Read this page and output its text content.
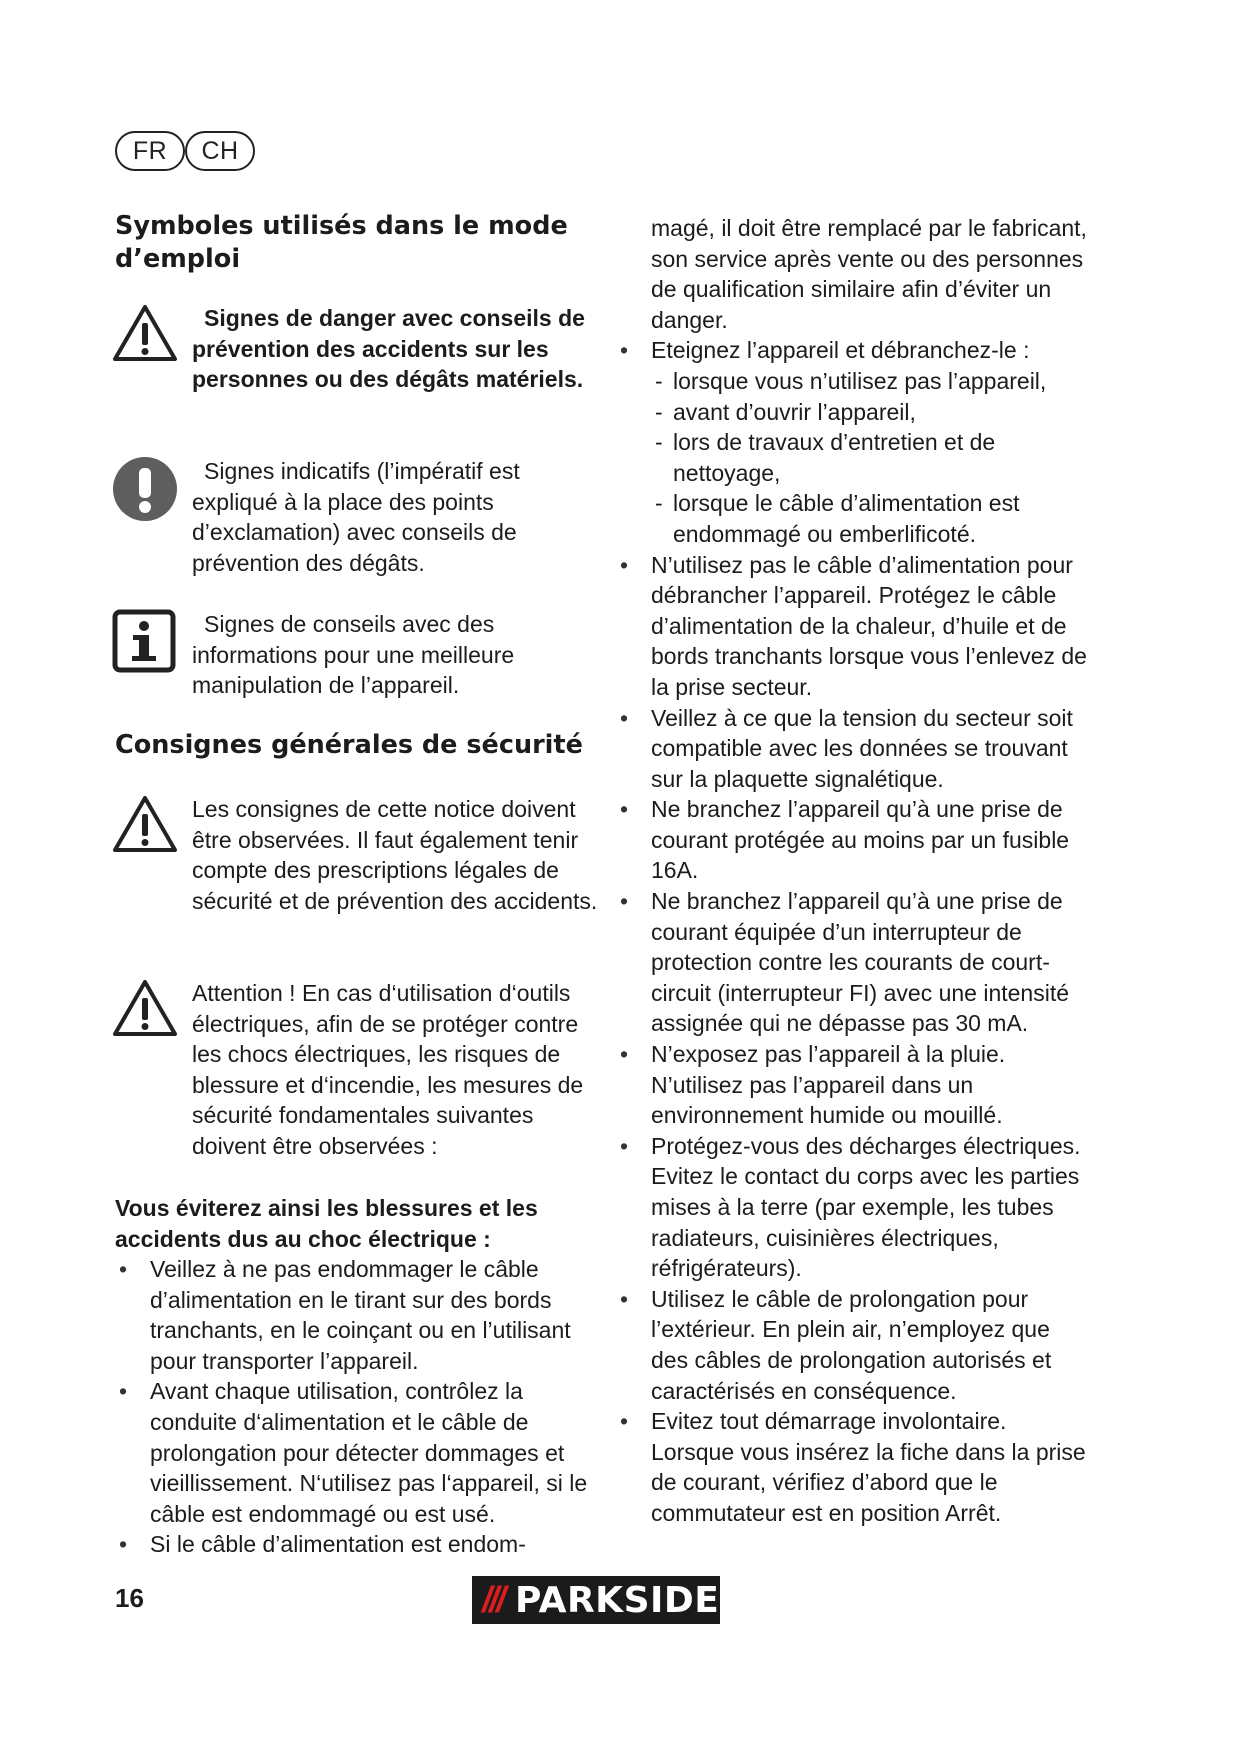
FR	CH
Symboles utilisés dans le mode d’emploi
Signes de danger avec conseils de prévention des accidents sur les personnes ou des dégâts matériels.
Signes indicatifs (l’impératif est expliqué à la place des points d’exclamation) avec conseils de prévention des dégâts.
Signes de conseils avec des informations pour une meilleure manipulation de l’appareil.
Consignes générales de sécurité
Les consignes de cette notice doivent être observées. Il faut également tenir compte des prescriptions légales de sécurité et de prévention des accidents.
Attention ! En cas d‘utilisation d‘outils électriques, afin de se protéger contre les chocs électriques, les risques de blessure et d‘incendie, les mesures de sécurité fondamentales suivantes doivent être observées :
Vous éviterez ainsi les blessures et les accidents dus au choc électrique :
• Veillez à ne pas endommager le câble d’alimentation en le tirant sur des bords tranchants, en le coinçant ou en l’utilisant pour transporter l’appareil.
• Avant chaque utilisation, contrôlez la conduite d‘alimentation et le câble de prolongation pour détecter dommages et vieillissement. N‘utilisez pas l‘appareil, si le câble est endommagé ou est usé.
• Si le câble d’alimentation est endom-
magé, il doit être remplacé par le fabricant, son service après vente ou des personnes de qualification similaire afin d’éviter un danger.
• Eteignez l’appareil et débranchez-le :
- lorsque vous n’utilisez pas l’appareil,
- avant d’ouvrir l’appareil,
- lors de travaux d’entretien et de nettoyage,
- lorsque le câble d’alimentation est endommagé ou emberlificoté.
• N’utilisez pas le câble d’alimentation pour débrancher l’appareil. Protégez le câble d’alimentation de la chaleur, d’huile et de bords tranchants lorsque vous l’enlevez de la prise secteur.
• Veillez à ce que la tension du secteur soit compatible avec les données se trouvant sur la plaquette signalétique.
• Ne branchez l’appareil qu’à une prise de courant protégée au moins par un fusible 16A.
• Ne branchez l’appareil qu’à une prise de courant équipée d’un interrupteur de protection contre les courants de court-circuit (interrupteur FI) avec une intensité assignée qui ne dépasse pas 30 mA.
• N’exposez pas l’appareil à la pluie. N’utilisez pas l’appareil dans un environnement humide ou mouillé.
• Protégez-vous des décharges électriques. Evitez le contact du corps avec les parties mises à la terre (par exemple, les tubes radiateurs, cuisinières électriques, réfrigérateurs).
• Utilisez le câble de prolongation pour l’extérieur. En plein air, n’employez que des câbles de prolongation autorisés et caractérisés en conséquence.
• Evitez tout démarrage involontaire. Lorsque vous insérez la fiche dans la prise de courant, vérifiez d’abord que le commutateur est en position Arrêt.
16	/// PARKSIDE
